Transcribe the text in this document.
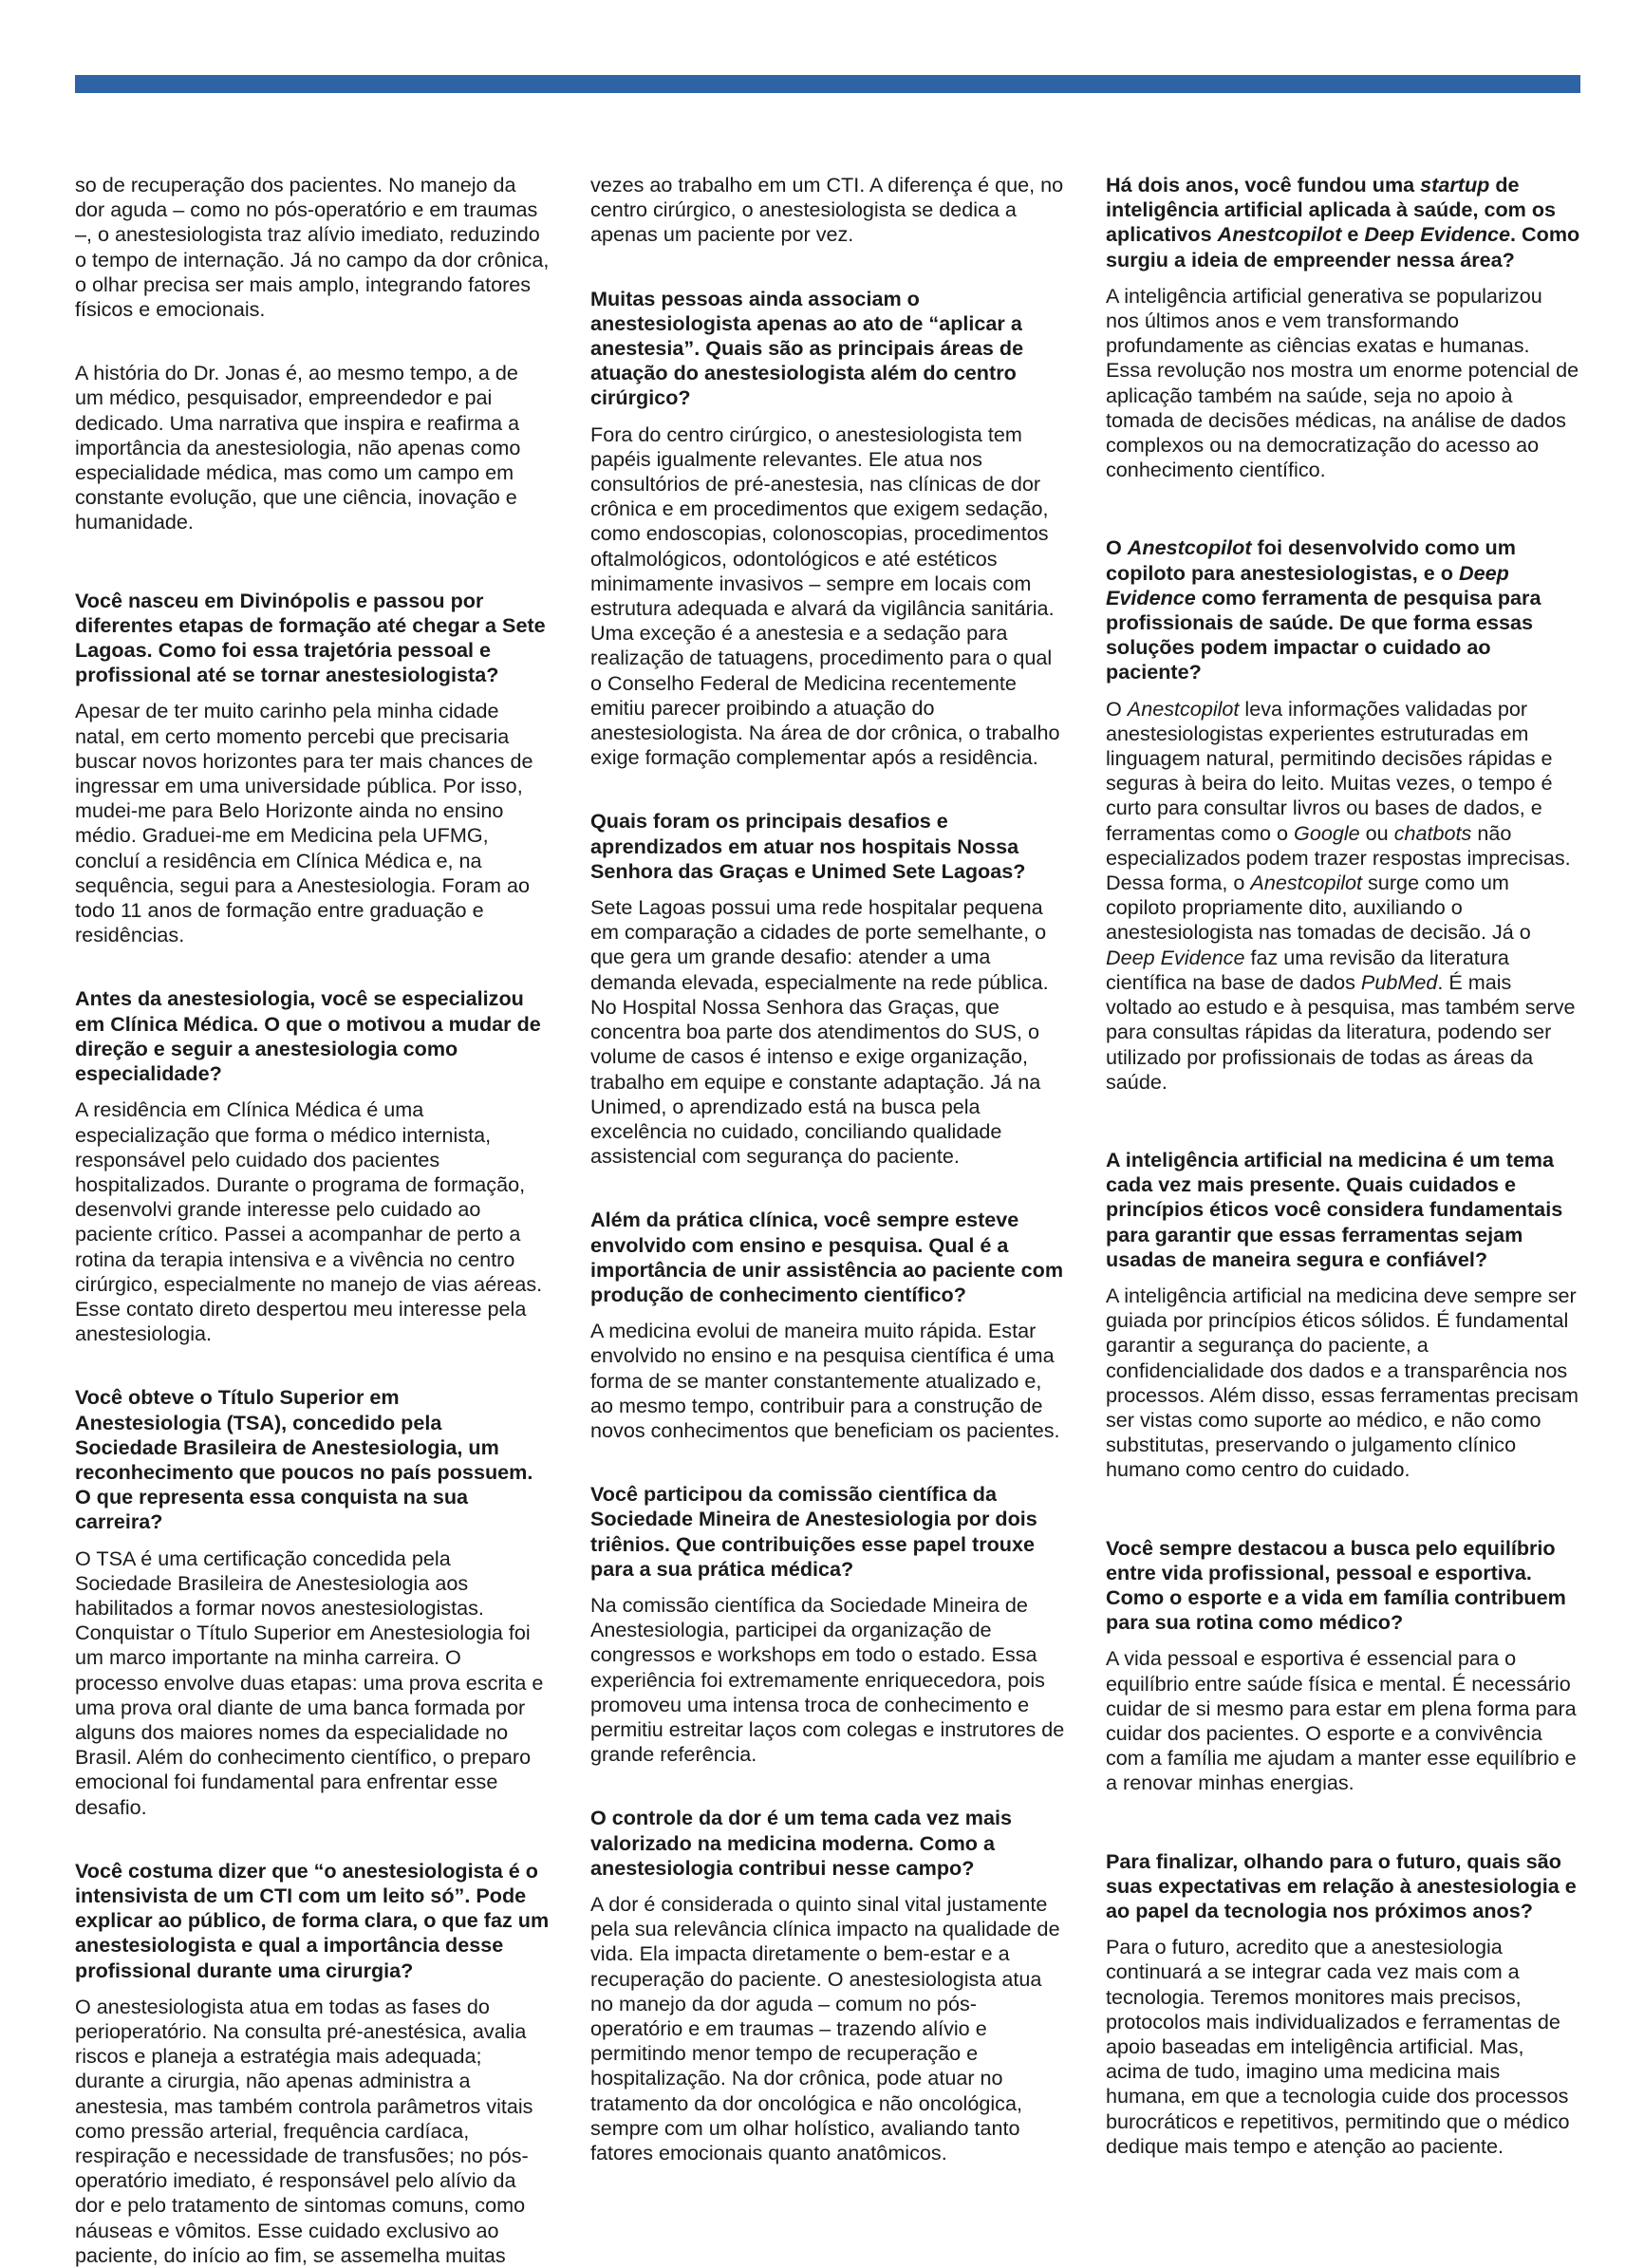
so de recuperação dos pacientes. No manejo da dor aguda – como no pós-operatório e em traumas –, o anestesiologista traz alívio imediato, reduzindo o tempo de internação. Já no campo da dor crônica, o olhar precisa ser mais amplo, integrando fatores físicos e emocionais.

A história do Dr. Jonas é, ao mesmo tempo, a de um médico, pesquisador, empreendedor e pai dedicado. Uma narrativa que inspira e reafirma a importância da anestesiologia, não apenas como especialidade médica, mas como um campo em constante evolução, que une ciência, inovação e humanidade.

Você nasceu em Divinópolis e passou por diferentes etapas de formação até chegar a Sete Lagoas. Como foi essa trajetória pessoal e profissional até se tornar anestesiologista?

Apesar de ter muito carinho pela minha cidade natal, em certo momento percebi que precisaria buscar novos horizontes para ter mais chances de ingressar em uma universidade pública. Por isso, mudei-me para Belo Horizonte ainda no ensino médio. Graduei-me em Medicina pela UFMG, concluí a residência em Clínica Médica e, na sequência, segui para a Anestesiologia. Foram ao todo 11 anos de formação entre graduação e residências.

Antes da anestesiologia, você se especializou em Clínica Médica. O que o motivou a mudar de direção e seguir a anestesiologia como especialidade?

A residência em Clínica Médica é uma especialização que forma o médico internista, responsável pelo cuidado dos pacientes hospitalizados. Durante o programa de formação, desenvolvi grande interesse pelo cuidado ao paciente crítico. Passei a acompanhar de perto a rotina da terapia intensiva e a vivência no centro cirúrgico, especialmente no manejo de vias aéreas. Esse contato direto despertou meu interesse pela anestesiologia.

Você obteve o Título Superior em Anestesiologia (TSA), concedido pela Sociedade Brasileira de Anestesiologia, um reconhecimento que poucos no país possuem. O que representa essa conquista na sua carreira?

O TSA é uma certificação concedida pela Sociedade Brasileira de Anestesiologia aos habilitados a formar novos anestesiologistas. Conquistar o Título Superior em Anestesiologia foi um marco importante na minha carreira. O processo envolve duas etapas: uma prova escrita e uma prova oral diante de uma banca formada por alguns dos maiores nomes da especialidade no Brasil. Além do conhecimento científico, o preparo emocional foi fundamental para enfrentar esse desafio.

Você costuma dizer que “o anestesiologista é o intensivista de um CTI com um leito só”. Pode explicar ao público, de forma clara, o que faz um anestesiologista e qual a importância desse profissional durante uma cirurgia?

O anestesiologista atua em todas as fases do perioperatório. Na consulta pré-anestésica, avalia riscos e planeja a estratégia mais adequada; durante a cirurgia, não apenas administra a anestesia, mas também controla parâmetros vitais como pressão arterial, frequência cardíaca, respiração e necessidade de transfusões; no pós-operatório imediato, é responsável pelo alívio da dor e pelo tratamento de sintomas comuns, como náuseas e vômitos. Esse cuidado exclusivo ao paciente, do início ao fim, se assemelha muitas

vezes ao trabalho em um CTI. A diferença é que, no centro cirúrgico, o anestesiologista se dedica a apenas um paciente por vez.

Muitas pessoas ainda associam o anestesiologista apenas ao ato de “aplicar a anestesia”. Quais são as principais áreas de atuação do anestesiologista além do centro cirúrgico?

Fora do centro cirúrgico, o anestesiologista tem papéis igualmente relevantes. Ele atua nos consultórios de pré-anestesia, nas clínicas de dor crônica e em procedimentos que exigem sedação, como endoscopias, colonoscopias, procedimentos oftalmológicos, odontológicos e até estéticos minimamente invasivos – sempre em locais com estrutura adequada e alvará da vigilância sanitária. Uma exceção é a anestesia e a sedação para realização de tatuagens, procedimento para o qual o Conselho Federal de Medicina recentemente emitiu parecer proibindo a atuação do anestesiologista. Na área de dor crônica, o trabalho exige formação complementar após a residência.

Quais foram os principais desafios e aprendizados em atuar nos hospitais Nossa Senhora das Graças e Unimed Sete Lagoas?

Sete Lagoas possui uma rede hospitalar pequena em comparação a cidades de porte semelhante, o que gera um grande desafio: atender a uma demanda elevada, especialmente na rede pública. No Hospital Nossa Senhora das Graças, que concentra boa parte dos atendimentos do SUS, o volume de casos é intenso e exige organização, trabalho em equipe e constante adaptação. Já na Unimed, o aprendizado está na busca pela excelência no cuidado, conciliando qualidade assistencial com segurança do paciente.

Além da prática clínica, você sempre esteve envolvido com ensino e pesquisa. Qual é a importância de unir assistência ao paciente com produção de conhecimento científico?

A medicina evolui de maneira muito rápida. Estar envolvido no ensino e na pesquisa científica é uma forma de se manter constantemente atualizado e, ao mesmo tempo, contribuir para a construção de novos conhecimentos que beneficiam os pacientes.

Você participou da comissão científica da Sociedade Mineira de Anestesiologia por dois triênios. Que contribuições esse papel trouxe para a sua prática médica?

Na comissão científica da Sociedade Mineira de Anestesiologia, participei da organização de congressos e workshops em todo o estado. Essa experiência foi extremamente enriquecedora, pois promoveu uma intensa troca de conhecimento e permitiu estreitar laços com colegas e instrutores de grande referência.

O controle da dor é um tema cada vez mais valorizado na medicina moderna. Como a anestesiologia contribui nesse campo?

A dor é considerada o quinto sinal vital justamente pela sua relevância clínica impacto na qualidade de vida. Ela impacta diretamente o bem-estar e a recuperação do paciente. O anestesiologista atua no manejo da dor aguda – comum no pós-operatório e em traumas – trazendo alívio e permitindo menor tempo de recuperação e hospitalização. Na dor crônica, pode atuar no tratamento da dor oncológica e não oncológica, sempre com um olhar holístico, avaliando tanto fatores emocionais quanto anatômicos.

Há dois anos, você fundou uma startup de inteligência artificial aplicada à saúde, com os aplicativos Anestcopilot e Deep Evidence. Como surgiu a ideia de empreender nessa área?

A inteligência artificial generativa se popularizou nos últimos anos e vem transformando profundamente as ciências exatas e humanas. Essa revolução nos mostra um enorme potencial de aplicação também na saúde, seja no apoio à tomada de decisões médicas, na análise de dados complexos ou na democratização do acesso ao conhecimento científico.

O Anestcopilot foi desenvolvido como um copiloto para anestesiologistas, e o Deep Evidence como ferramenta de pesquisa para profissionais de saúde. De que forma essas soluções podem impactar o cuidado ao paciente?

O Anestcopilot leva informações validadas por anestesiologistas experientes estruturadas em linguagem natural, permitindo decisões rápidas e seguras à beira do leito. Muitas vezes, o tempo é curto para consultar livros ou bases de dados, e ferramentas como o Google ou chatbots não especializados podem trazer respostas imprecisas. Dessa forma, o Anestcopilot surge como um copiloto propriamente dito, auxiliando o anestesiologista nas tomadas de decisão. Já o Deep Evidence faz uma revisão da literatura científica na base de dados PubMed. É mais voltado ao estudo e à pesquisa, mas também serve para consultas rápidas da literatura, podendo ser utilizado por profissionais de todas as áreas da saúde.

A inteligência artificial na medicina é um tema cada vez mais presente. Quais cuidados e princípios éticos você considera fundamentais para garantir que essas ferramentas sejam usadas de maneira segura e confiável?

A inteligência artificial na medicina deve sempre ser guiada por princípios éticos sólidos. É fundamental garantir a segurança do paciente, a confidencialidade dos dados e a transparência nos processos. Além disso, essas ferramentas precisam ser vistas como suporte ao médico, e não como substitutas, preservando o julgamento clínico humano como centro do cuidado.

Você sempre destacou a busca pelo equilíbrio entre vida profissional, pessoal e esportiva. Como o esporte e a vida em família contribuem para sua rotina como médico?

A vida pessoal e esportiva é essencial para o equilíbrio entre saúde física e mental. É necessário cuidar de si mesmo para estar em plena forma para cuidar dos pacientes. O esporte e a convivência com a família me ajudam a manter esse equilíbrio e a renovar minhas energias.

Para finalizar, olhando para o futuro, quais são suas expectativas em relação à anestesiologia e ao papel da tecnologia nos próximos anos?

Para o futuro, acredito que a anestesiologia continuará a se integrar cada vez mais com a tecnologia. Teremos monitores mais precisos, protocolos mais individualizados e ferramentas de apoio baseadas em inteligência artificial. Mas, acima de tudo, imagino uma medicina mais humana, em que a tecnologia cuide dos processos burocráticos e repetitivos, permitindo que o médico dedique mais tempo e atenção ao paciente.
